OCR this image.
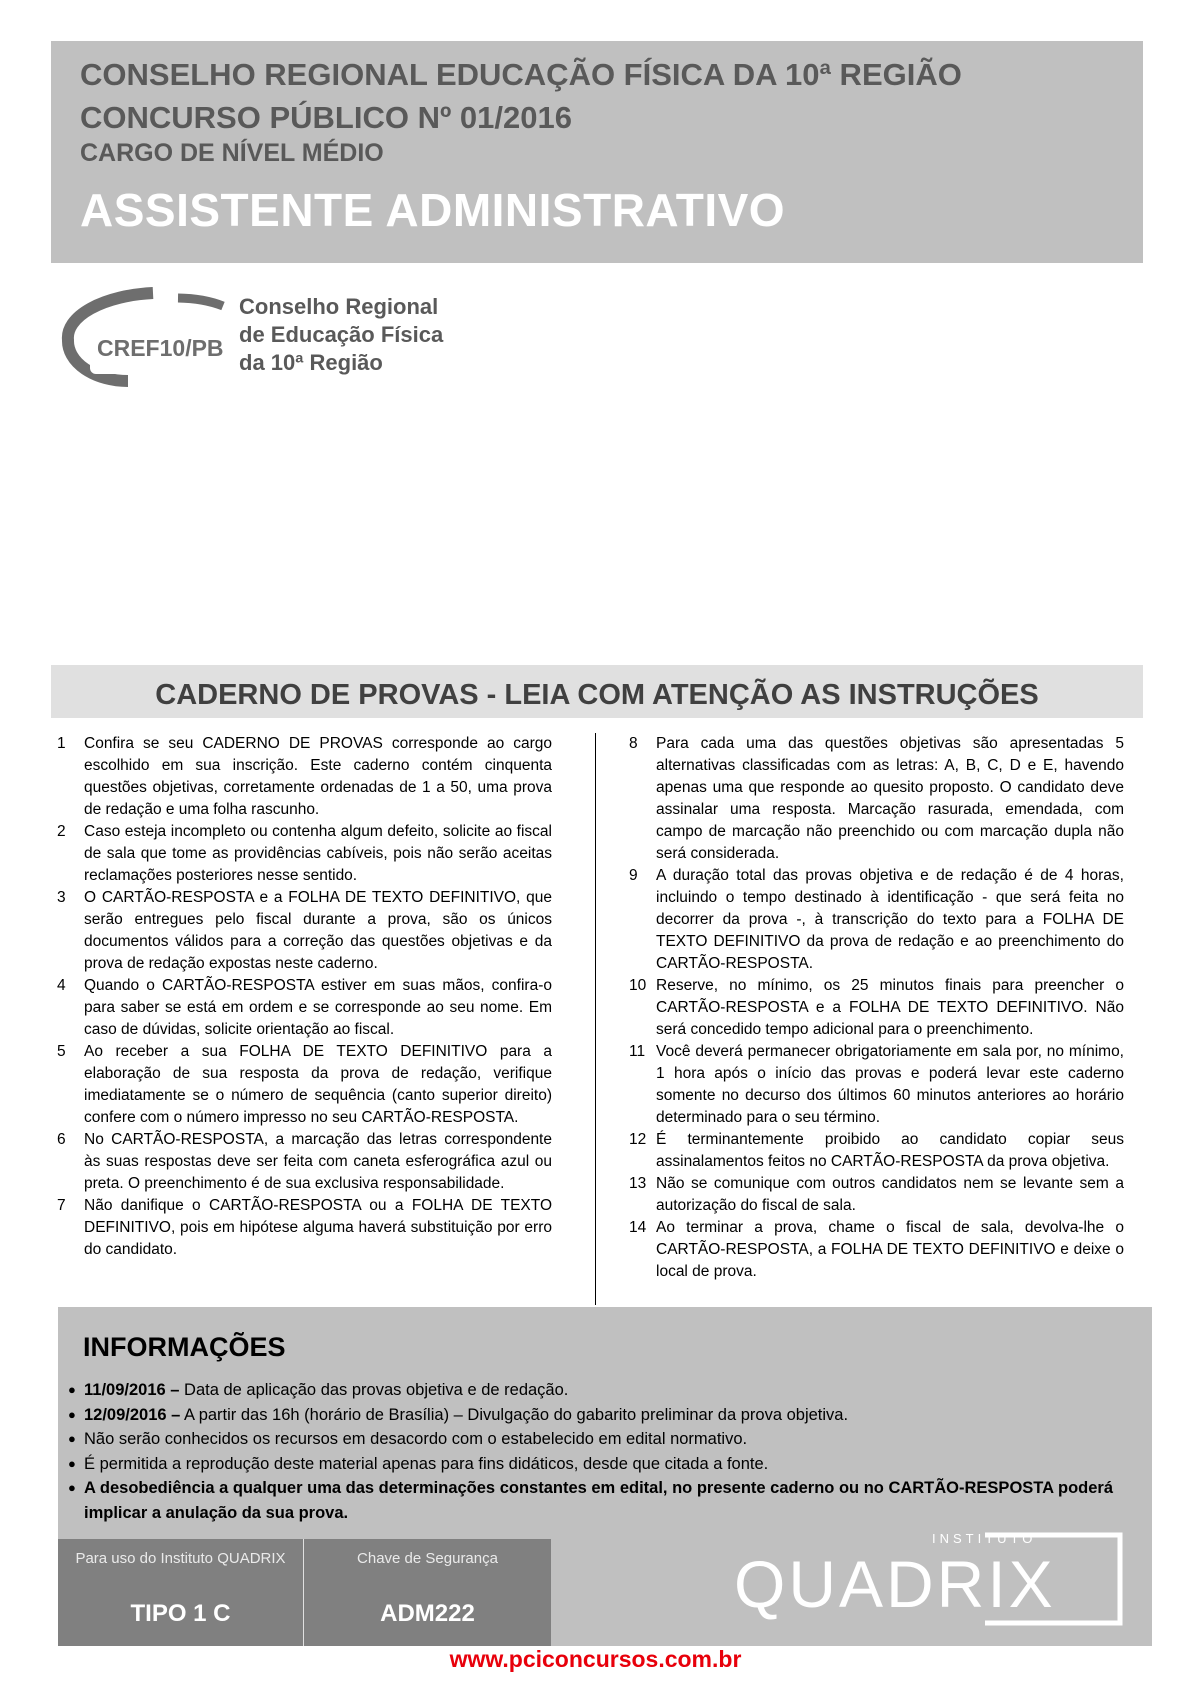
CONSELHO REGIONAL EDUCAÇÃO FÍSICA DA 10ª REGIÃO CONCURSO PÚBLICO Nº 01/2016
CARGO DE NÍVEL MÉDIO
ASSISTENTE ADMINISTRATIVO
CREF10/PB
Conselho Regional
de Educação Física
da 10ª Região
CADERNO DE PROVAS - LEIA COM ATENÇÃO AS INSTRUÇÕES
1	Confira se seu CADERNO DE PROVAS corresponde ao cargo escolhido em sua inscrição. Este caderno contém cinquenta questões objetivas, corretamente ordenadas de 1 a 50, uma prova de redação e uma folha rascunho.
2	Caso esteja incompleto ou contenha algum defeito, solicite ao fiscal de sala que tome as providências cabíveis, pois não serão aceitas reclamações posteriores nesse sentido.
3	O CARTÃO-RESPOSTA e a FOLHA DE TEXTO DEFINITIVO, que serão entregues pelo fiscal durante a prova, são os únicos documentos válidos para a correção das questões objetivas e da prova de redação expostas neste caderno.
4	Quando o CARTÃO-RESPOSTA estiver em suas mãos, confira-o para saber se está em ordem e se corresponde ao seu nome. Em caso de dúvidas, solicite orientação ao fiscal.
5	Ao receber a sua FOLHA DE TEXTO DEFINITIVO para a elaboração de sua resposta da prova de redação, verifique imediatamente se o número de sequência (canto superior direito) confere com o número impresso no seu CARTÃO-RESPOSTA.
6	No CARTÃO-RESPOSTA, a marcação das letras correspondente às suas respostas deve ser feita com caneta esferográfica azul ou preta. O preenchimento é de sua exclusiva responsabilidade.
7	Não danifique o CARTÃO-RESPOSTA ou a FOLHA DE TEXTO DEFINITIVO, pois em hipótese alguma haverá substituição por erro do candidato.
8	Para cada uma das questões objetivas são apresentadas 5 alternativas classificadas com as letras: A, B, C, D e E, havendo apenas uma que responde ao quesito proposto. O candidato deve assinalar uma resposta. Marcação rasurada, emendada, com campo de marcação não preenchido ou com marcação dupla não será considerada.
9	A duração total das provas objetiva e de redação é de 4 horas, incluindo o tempo destinado à identificação - que será feita no decorrer da prova -, à transcrição do texto para a FOLHA DE TEXTO DEFINITIVO da prova de redação e ao preenchimento do CARTÃO-RESPOSTA.
10 Reserve, no mínimo, os 25 minutos finais para preencher o CARTÃO-RESPOSTA e a FOLHA DE TEXTO DEFINITIVO. Não será concedido tempo adicional para o preenchimento.
11 Você deverá permanecer obrigatoriamente em sala por, no mínimo, 1 hora após o início das provas e poderá levar este caderno somente no decurso dos últimos 60 minutos anteriores ao horário determinado para o seu término.
12 É terminantemente proibido ao candidato copiar seus assinalamentos feitos no CARTÃO-RESPOSTA da prova objetiva.
13 Não se comunique com outros candidatos nem se levante sem a autorização do fiscal de sala.
14 Ao terminar a prova, chame o fiscal de sala, devolva-lhe o CARTÃO-RESPOSTA, a FOLHA DE TEXTO DEFINITIVO e deixe o local de prova.
INFORMAÇÕES
● 11/09/2016 – Data de aplicação das provas objetiva e de redação.
● 12/09/2016 – A partir das 16h (horário de Brasília) – Divulgação do gabarito preliminar da prova objetiva.
● Não serão conhecidos os recursos em desacordo com o estabelecido em edital normativo.
● É permitida a reprodução deste material apenas para fins didáticos, desde que citada a fonte.
● A desobediência a qualquer uma das determinações constantes em edital, no presente caderno ou no CARTÃO-RESPOSTA poderá implicar a anulação da sua prova.
Para uso do Instituto QUADRIX
TIPO 1 C
Chave de Segurança
ADM222
INSTITUTO
QUADRIX
www.pciconcursos.com.br
